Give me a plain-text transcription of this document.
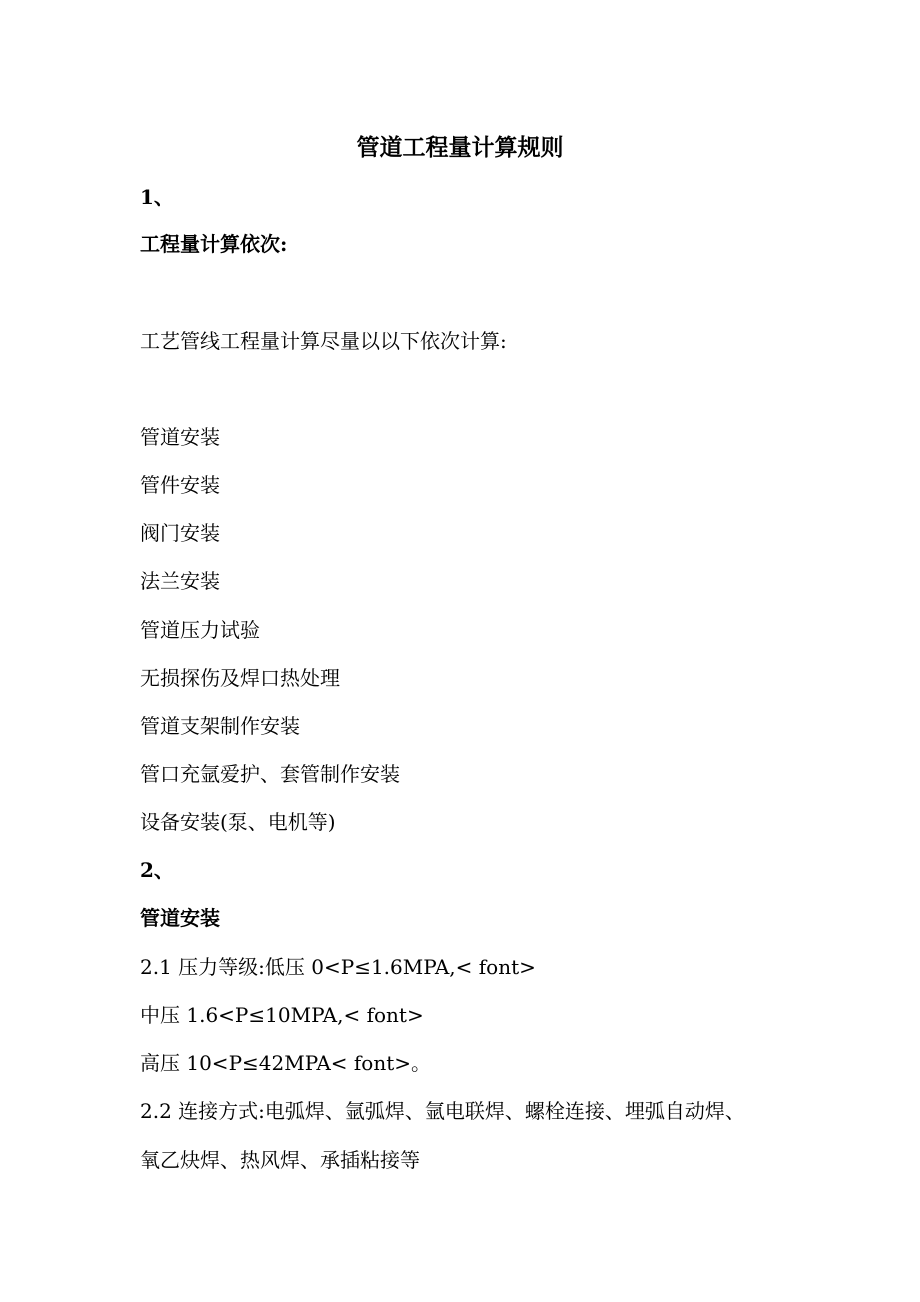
管道工程量计算规则
1、
工程量计算依次:
工艺管线工程量计算尽量以以下依次计算:
管道安装
管件安装
阀门安装
法兰安装
管道压力试验
无损探伤及焊口热处理
管道支架制作安装
管口充氩爱护、套管制作安装
设备安装(泵、电机等)
2、
管道安装
2.1 压力等级:低压 0<P≤1.6MPA,< font>
中压 1.6<P≤10MPA,< font>
高压 10<P≤42MPA< font>。
2.2 连接方式:电弧焊、氩弧焊、氩电联焊、螺栓连接、埋弧自动焊、
氧乙炔焊、热风焊、承插粘接等
